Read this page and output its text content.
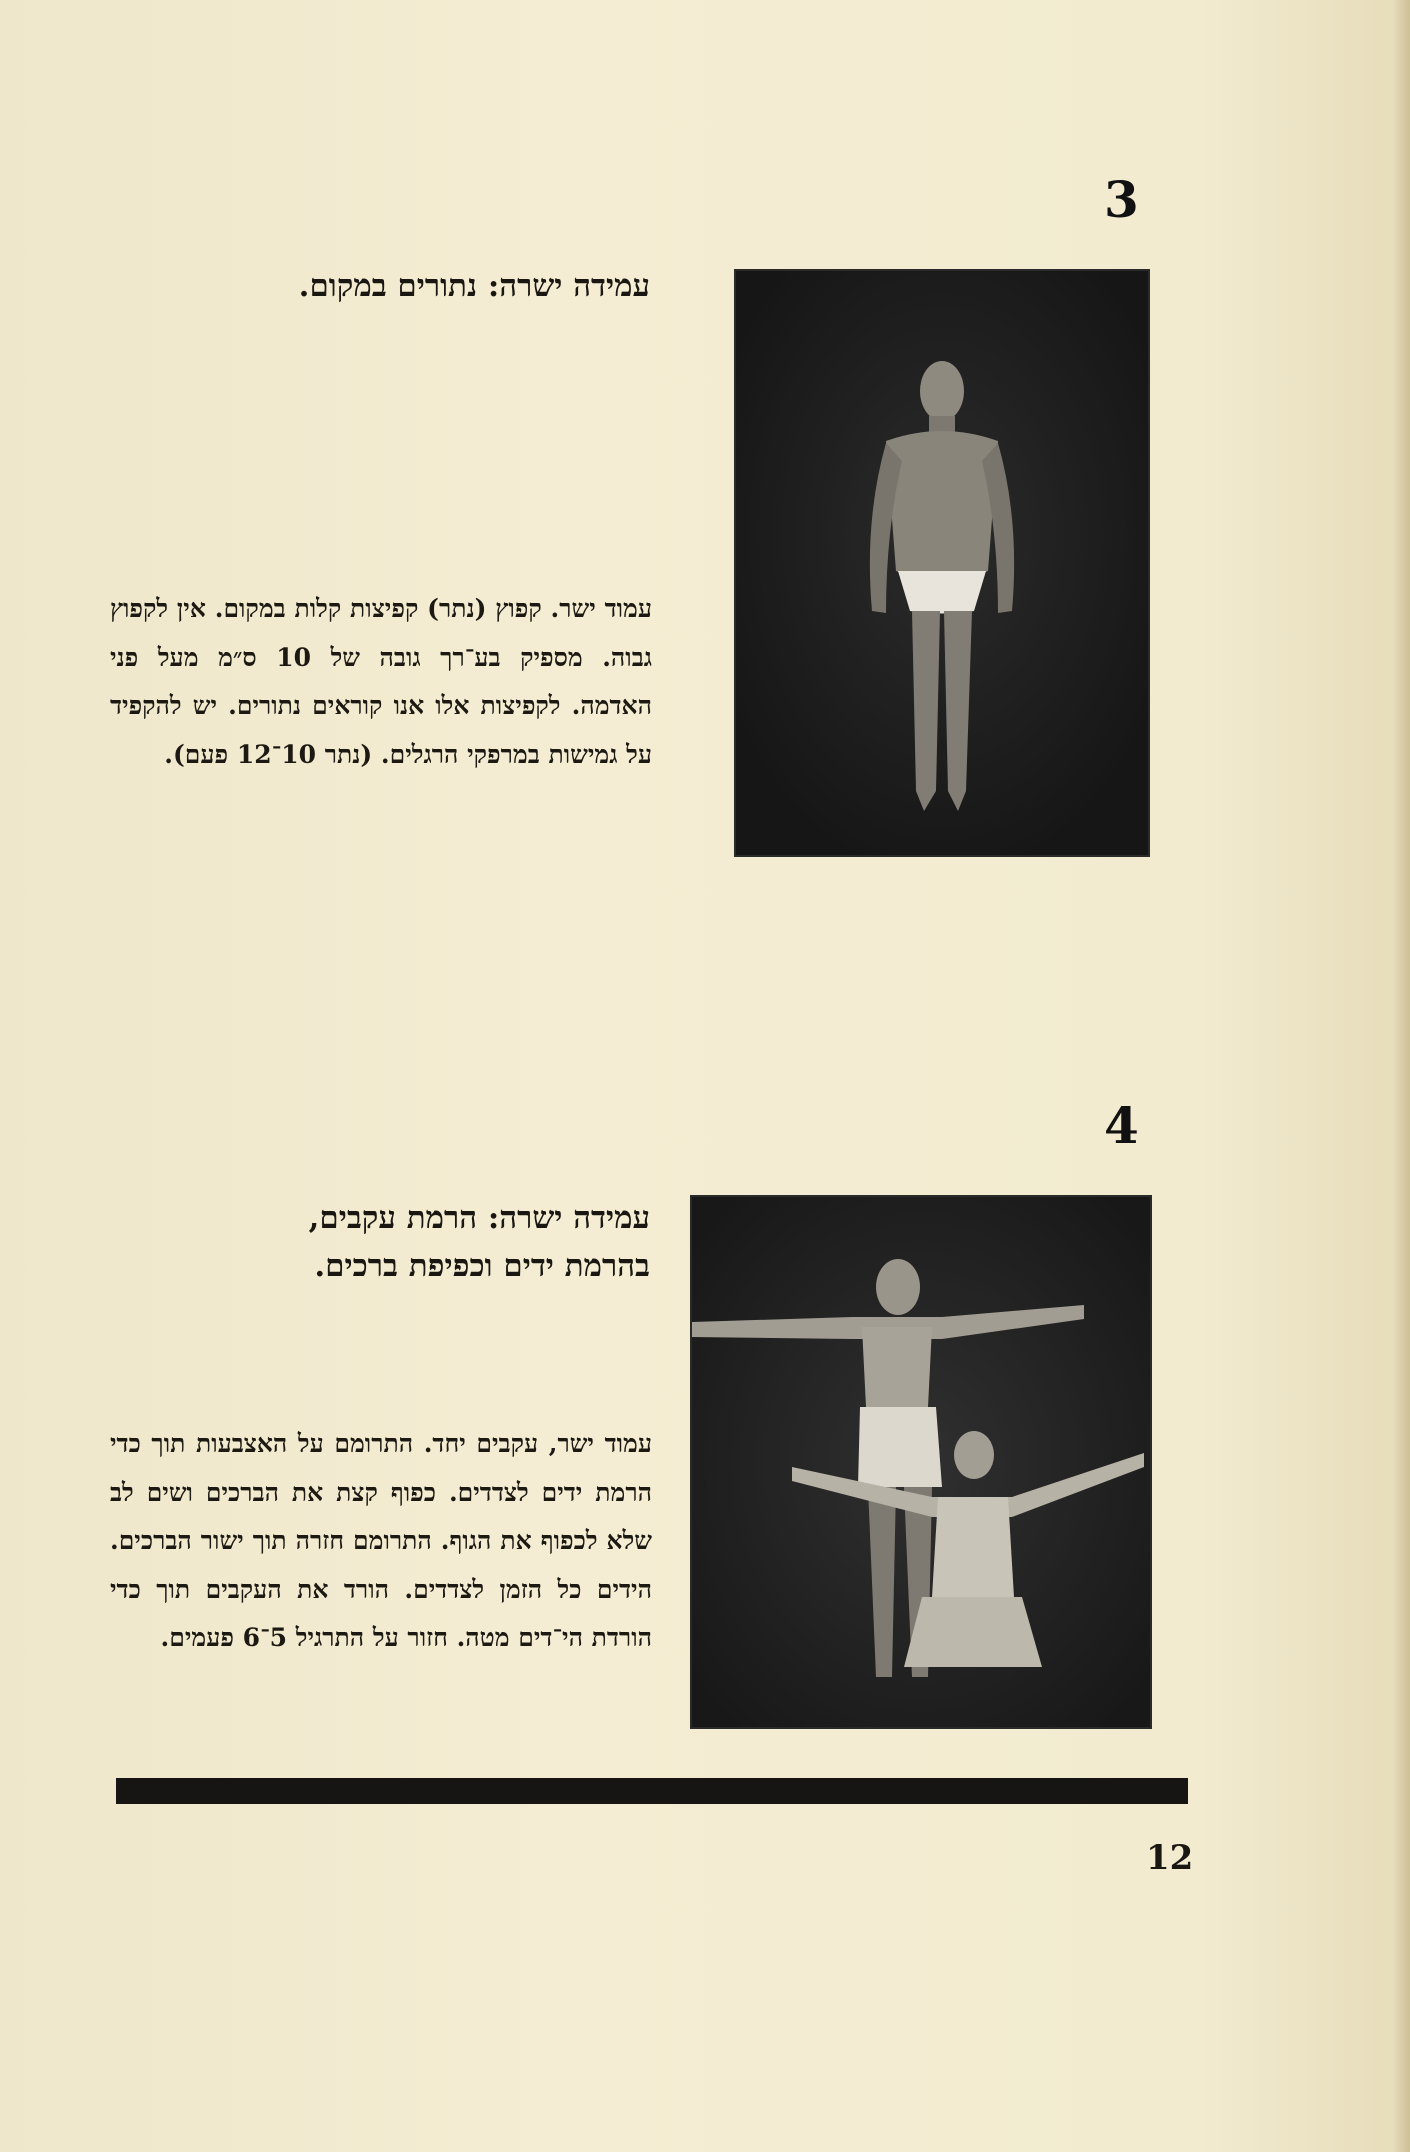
3
עמידה ישרה: נתורים במקום.
עמוד ישר. קפוץ (נתר) קפיצות קלות במקום. אין לקפוץ גבוה. מספיק בע־רך גובה של 10 ס״מ מעל פני האדמה. לקפיצות אלו אנו קוראים נתורים. יש להקפיד על גמישות במרפקי הרגלים. (נתר 10־12 פעם).
4
עמידה ישרה: הרמת עקבים,
בהרמת ידים וכפיפת ברכים.
עמוד ישר, עקבים יחד. התרומם על האצבעות תוך כדי הרמת ידים לצדדים. כפוף קצת את הברכים ושים לב שלא לכפוף את הגוף. התרומם חזרה תוך ישור הברכים. הידים כל הזמן לצדדים. הורד את העקבים תוך כדי הורדת הי־דים מטה. חזור על התרגיל 5־6 פעמים.
12
